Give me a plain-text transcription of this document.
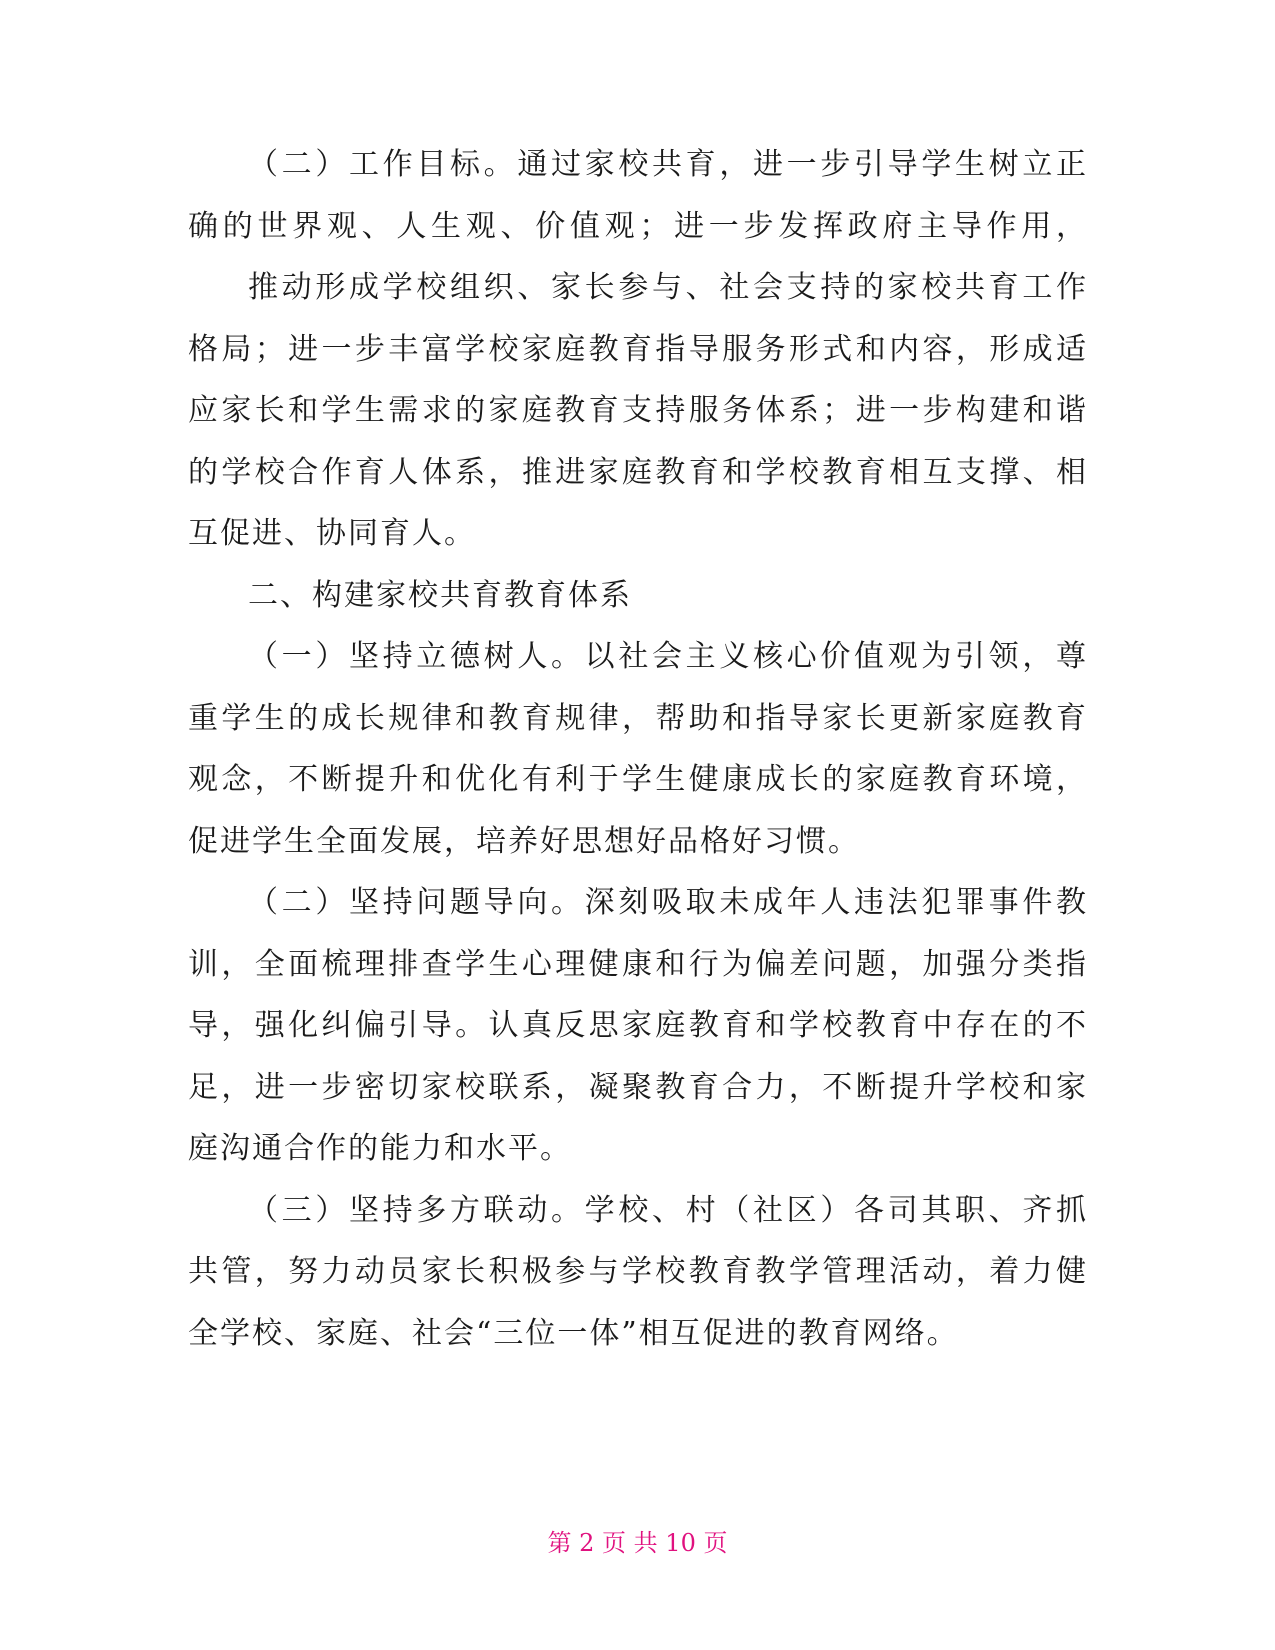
（二）工作目标。通过家校共育，进一步引导学生树立正
确的世界观、人生观、价值观；进一步发挥政府主导作用，
推动形成学校组织、家长参与、社会支持的家校共育工作
格局；进一步丰富学校家庭教育指导服务形式和内容，形成适
应家长和学生需求的家庭教育支持服务体系；进一步构建和谐
的学校合作育人体系，推进家庭教育和学校教育相互支撑、相
互促进、协同育人。
二、构建家校共育教育体系
（一）坚持立德树人。以社会主义核心价值观为引领，尊
重学生的成长规律和教育规律，帮助和指导家长更新家庭教育
观念，不断提升和优化有利于学生健康成长的家庭教育环境，
促进学生全面发展，培养好思想好品格好习惯。
（二）坚持问题导向。深刻吸取未成年人违法犯罪事件教
训，全面梳理排查学生心理健康和行为偏差问题，加强分类指
导，强化纠偏引导。认真反思家庭教育和学校教育中存在的不
足，进一步密切家校联系，凝聚教育合力，不断提升学校和家
庭沟通合作的能力和水平。
（三）坚持多方联动。学校、村（社区）各司其职、齐抓
共管，努力动员家长积极参与学校教育教学管理活动，着力健
全学校、家庭、社会“三位一体”相互促进的教育网络。
第 2 页 共 10 页
